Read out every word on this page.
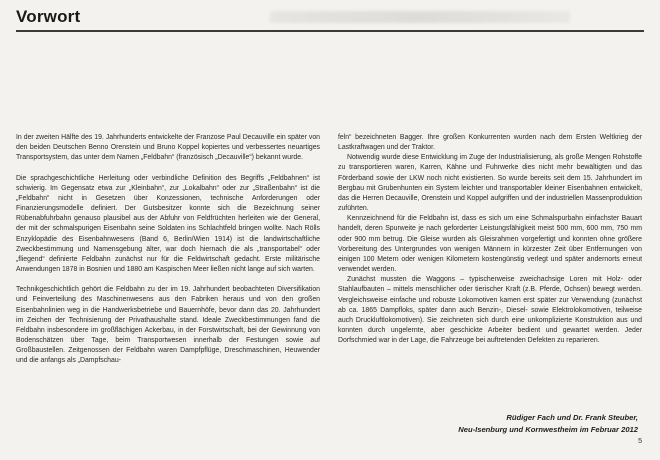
Vorwort

In der zweiten Hälfte des 19. Jahrhunderts entwickelte der Franzose Paul Decauville ein später von den beiden Deutschen Benno Orenstein und Bruno Koppel kopiertes und verbessertes neuartiges Transportsystem, das unter dem Namen „Feldbahn“ (französisch „Decauville“) bekannt wurde.

Die sprachgeschichtliche Herleitung oder verbindliche Definition des Begriffs „Feldbahnen“ ist schwierig. Im Gegensatz etwa zur „Kleinbahn“, zur „Lokalbahn“ oder zur „Straßenbahn“ ist die „Feldbahn“ nicht in Gesetzen über Konzessionen, technische Anforderungen oder Finanzierungsmodelle definiert. Der Gutsbesitzer konnte sich die Bezeichnung seiner Rübenabfuhrbahn genauso plausibel aus der Abfuhr von Feldfrüchten herleiten wie der General, der mit der schmalspurigen Eisenbahn seine Soldaten ins Schlachtfeld bringen wollte. Nach Rölls Enzyklopädie des Eisenbahnwesens (Band 6, Berlin/Wien 1914) ist die landwirtschaftliche Zweckbestimmung und Namensgebung älter, war doch hiernach die als „transportabel“ oder „fliegend“ definierte Feldbahn zunächst nur für die Feldwirtschaft gedacht. Erste militärische Anwendungen 1878 in Bosnien und 1880 am Kaspischen Meer ließen nicht lange auf sich warten.

Technikgeschichtlich gehört die Feldbahn zu der im 19. Jahrhundert beobachteten Diversifikation und Feinverteilung des Maschinenwesens aus den Fabriken heraus und von den großen Eisenbahnlinien weg in die Handwerksbetriebe und Bauernhöfe, bevor dann das 20. Jahrhundert im Zeichen der Technisierung der Privathaushalte stand. Ideale Zweckbestimmungen fand die Feldbahn insbesondere im großflächigen Ackerbau, in der Forstwirtschaft, bei der Gewinnung von Bodenschätzen über Tage, beim Transportwesen innerhalb der Festungen sowie auf Großbaustellen. Zeitgenossen der Feldbahn waren Dampfpflüge, Dreschmaschinen, Heuwender und die anfangs als „Dampfschau-

feln“ bezeichneten Bagger. Ihre großen Konkurrenten wurden nach dem Ersten Weltkrieg der Lastkraftwagen und der Traktor.

Notwendig wurde diese Entwicklung im Zuge der Industrialisierung, als große Mengen Rohstoffe zu transportieren waren, Karren, Kähne und Fuhrwerke dies nicht mehr bewältigten und das Förderband sowie der LKW noch nicht existierten. So wurde bereits seit dem 15. Jahrhundert im Bergbau mit Grubenhunten ein System leichter und transportabler kleiner Eisenbahnen entwickelt, das die Herren Decauville, Orenstein und Koppel aufgriffen und der industriellen Massenproduktion zuführten.

Kennzeichnend für die Feldbahn ist, dass es sich um eine Schmalspurbahn einfachster Bauart handelt, deren Spurweite je nach geforderter Leistungsfähigkeit meist 500 mm, 600 mm, 750 mm oder 900 mm betrug. Die Gleise wurden als Gleisrahmen vorgefertigt und konnten ohne größere Vorbereitung des Untergrundes von wenigen Männern in kürzester Zeit über Entfernungen von einigen 100 Metern oder wenigen Kilometern kostengünstig verlegt und später andernorts erneut verwendet werden.

Zunächst mussten die Waggons – typischerweise zweichachsige Loren mit Holz- oder Stahlaufbauten – mittels menschlicher oder tierischer Kraft (z.B. Pferde, Ochsen) bewegt werden. Vergleichsweise einfache und robuste Lokomotiven kamen erst später zur Verwendung (zunächst ab ca. 1865 Dampfloks, später dann auch Benzin-, Diesel- sowie Elektrolokomotiven, teilweise auch Druckluftlokomotiven). Sie zeichneten sich durch eine unkomplizierte Konstruktion aus und konnten durch ungelernte, aber geschickte Arbeiter bedient und gewartet werden. Jeder Dorfschmied war in der Lage, die Fahrzeuge bei auftretenden Defekten zu reparieren.

Rüdiger Fach und Dr. Frank Steuber,
Neu-Isenburg und Kornwestheim im Februar 2012
5
